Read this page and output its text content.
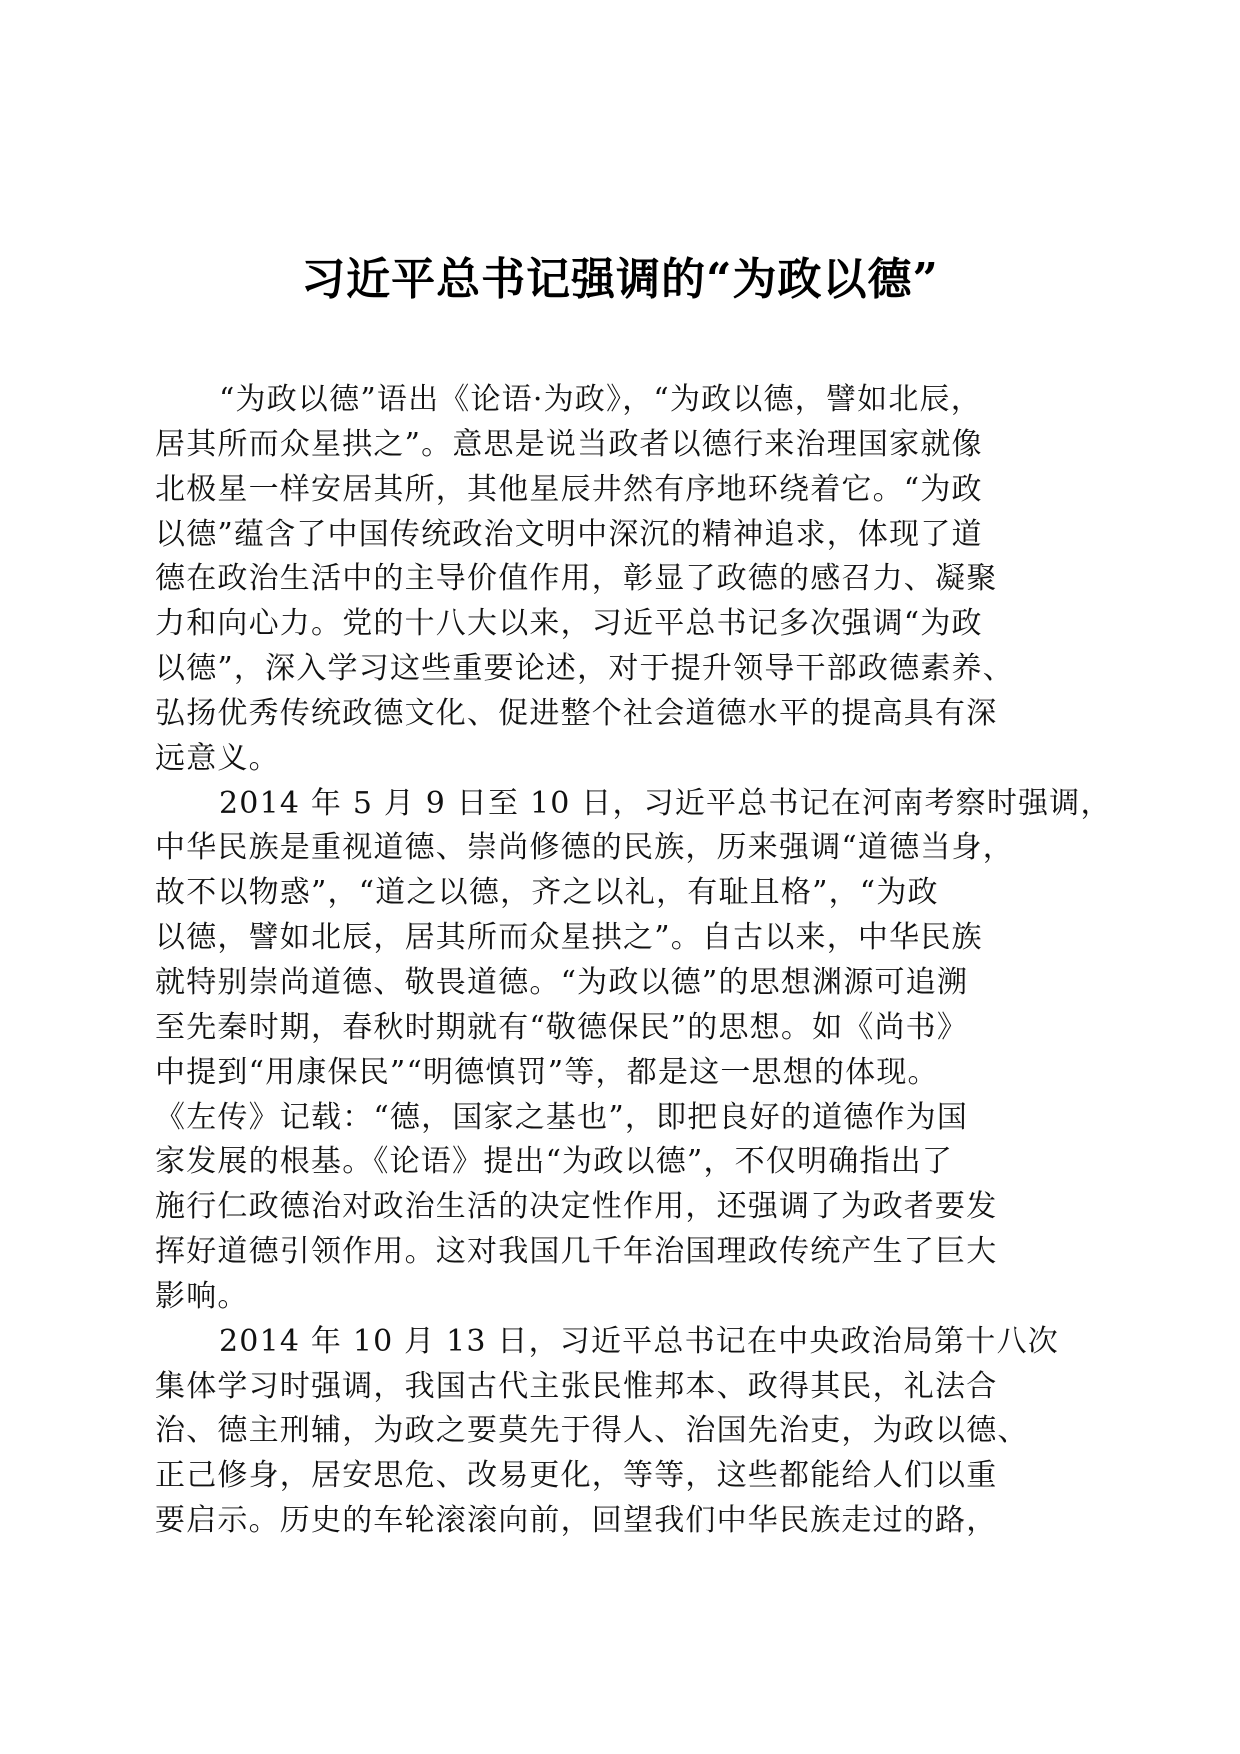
习近平总书记强调的“为政以德”
“为政以德”语出《论语·为政》，“为政以德，譬如北辰，
居其所而众星拱之”。意思是说当政者以德行来治理国家就像
北极星一样安居其所，其他星辰井然有序地环绕着它。“为政
以德”蕴含了中国传统政治文明中深沉的精神追求，体现了道
德在政治生活中的主导价值作用，彰显了政德的感召力、凝聚
力和向心力。党的十八大以来，习近平总书记多次强调“为政
以德”，深入学习这些重要论述，对于提升领导干部政德素养、
弘扬优秀传统政德文化、促进整个社会道德水平的提高具有深
远意义。
2014 年 5 月 9 日至 10 日，习近平总书记在河南考察时强调，
中华民族是重视道德、崇尚修德的民族，历来强调“道德当身，
故不以物惑”，“道之以德，齐之以礼，有耻且格”，“为政
以德，譬如北辰，居其所而众星拱之”。自古以来，中华民族
就特别崇尚道德、敬畏道德。“为政以德”的思想渊源可追溯
至先秦时期，春秋时期就有“敬德保民”的思想。如《尚书》
中提到“用康保民”“明德慎罚”等，都是这一思想的体现。
《左传》记载：“德，国家之基也”，即把良好的道德作为国
家发展的根基。《论语》提出“为政以德”，不仅明确指出了
施行仁政德治对政治生活的决定性作用，还强调了为政者要发
挥好道德引领作用。这对我国几千年治国理政传统产生了巨大
影响。
2014 年 10 月 13 日，习近平总书记在中央政治局第十八次
集体学习时强调，我国古代主张民惟邦本、政得其民，礼法合
治、德主刑辅，为政之要莫先于得人、治国先治吏，为政以德、
正己修身，居安思危、改易更化，等等，这些都能给人们以重
要启示。历史的车轮滚滚向前，回望我们中华民族走过的路，
